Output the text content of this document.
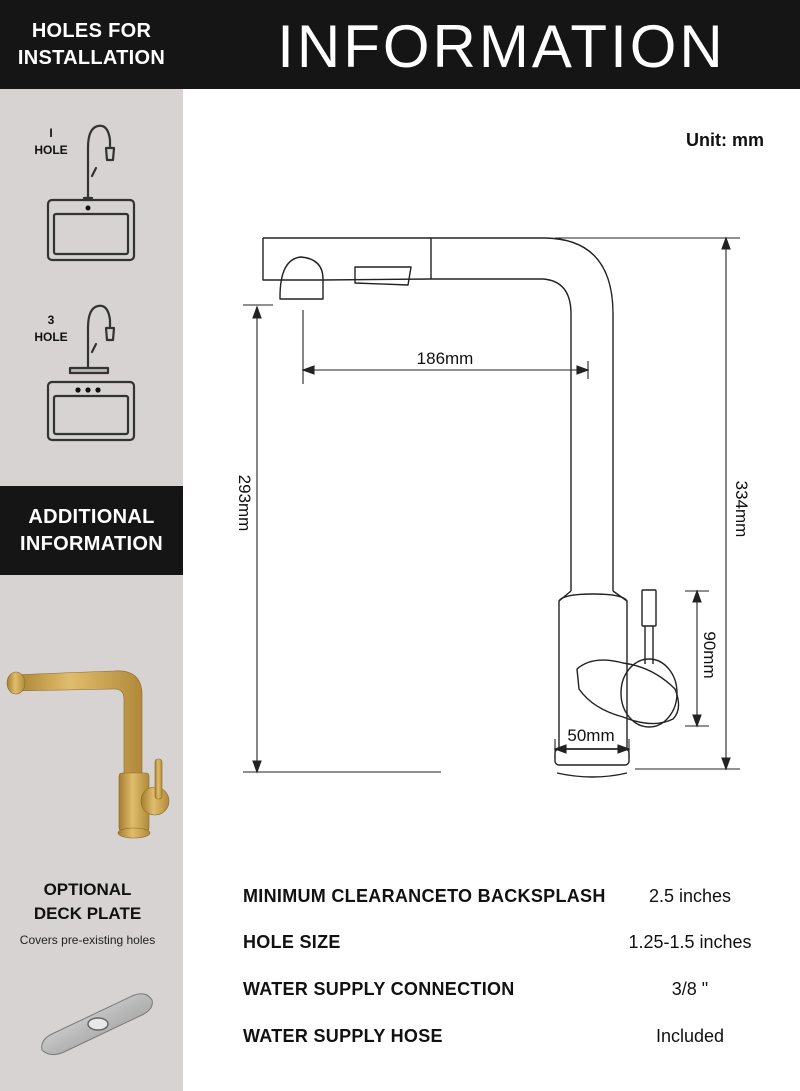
HOLES FOR
INSTALLATION
I
HOLE
3
HOLE
ADDITIONAL
INFORMATION
OPTIONAL
DECK PLATE
Covers pre-existing holes
INFORMATION
Unit: mm
186mm
293mm	334mm
90mm
50mm
MINIMUM CLEARANCETO BACKSPLASH	2.5 inches
HOLE SIZE	1.25-1.5 inches
WATER SUPPLY CONNECTION	3/8 "
WATER SUPPLY HOSE	Included
